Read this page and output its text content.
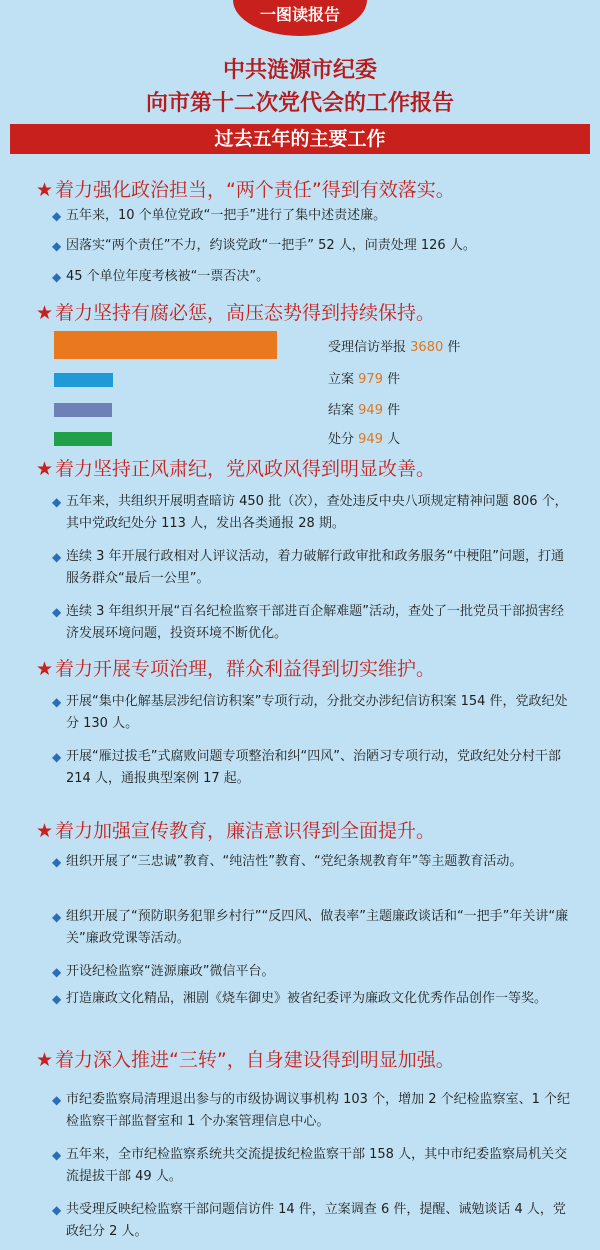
一图读报告
中共涟源市纪委
向市第十二次党代会的工作报告
过去五年的主要工作
★ 着力强化政治担当，“两个责任”得到有效落实。
◆ 五年来，10 个单位党政“一把手”进行了集中述责述廉。
◆ 因落实“两个责任”不力，约谈党政“一把手” 52 人，问责处理 126 人。
◆ 45 个单位年度考核被“一票否决”。
★ 着力坚持有腐必惩，高压态势得到持续保持。
受理信访举报 3680 件
立案 979 件
结案 949 件
处分 949 人
★ 着力坚持正风肃纪，党风政风得到明显改善。
◆ 五年来，共组织开展明查暗访 450 批（次），查处违反中央八项规定精神问题 806 个，其中党政纪处分 113 人，发出各类通报 28 期。
◆ 连续 3 年开展行政相对人评议活动，着力破解行政审批和政务服务“中梗阻”问题，打通服务群众“最后一公里”。
◆ 连续 3 年组织开展“百名纪检监察干部进百企解难题”活动，查处了一批党员干部损害经济发展环境问题，投资环境不断优化。
★ 着力开展专项治理，群众利益得到切实维护。
◆ 开展“集中化解基层涉纪信访积案”专项行动，分批交办涉纪信访积案 154 件，党政纪处分 130 人。
◆ 开展“雁过拔毛”式腐败问题专项整治和纠“四风”、治陋习专项行动，党政纪处分村干部 214 人，通报典型案例 17 起。
★ 着力加强宣传教育，廉洁意识得到全面提升。
◆ 组织开展了“三忠诚”教育、“纯洁性”教育、“党纪条规教育年”等主题教育活动。
◆ 组织开展了“预防职务犯罪乡村行”“反四风、做表率”主题廉政谈话和“一把手”年关讲“廉关”廉政党课等活动。
◆ 开设纪检监察“涟源廉政”微信平台。
◆ 打造廉政文化精品，湘剧《烧车御史》被省纪委评为廉政文化优秀作品创作一等奖。
★ 着力深入推进“三转”，自身建设得到明显加强。
◆ 市纪委监察局清理退出参与的市级协调议事机构 103 个，增加 2 个纪检监察室、1 个纪检监察干部监督室和 1 个办案管理信息中心。
◆ 五年来，全市纪检监察系统共交流提拔纪检监察干部 158 人，其中市纪委监察局机关交流提拔干部 49 人。
◆ 共受理反映纪检监察干部问题信访件 14 件，立案调查 6 件，提醒、诫勉谈话 4 人，党政纪分 2 人。
